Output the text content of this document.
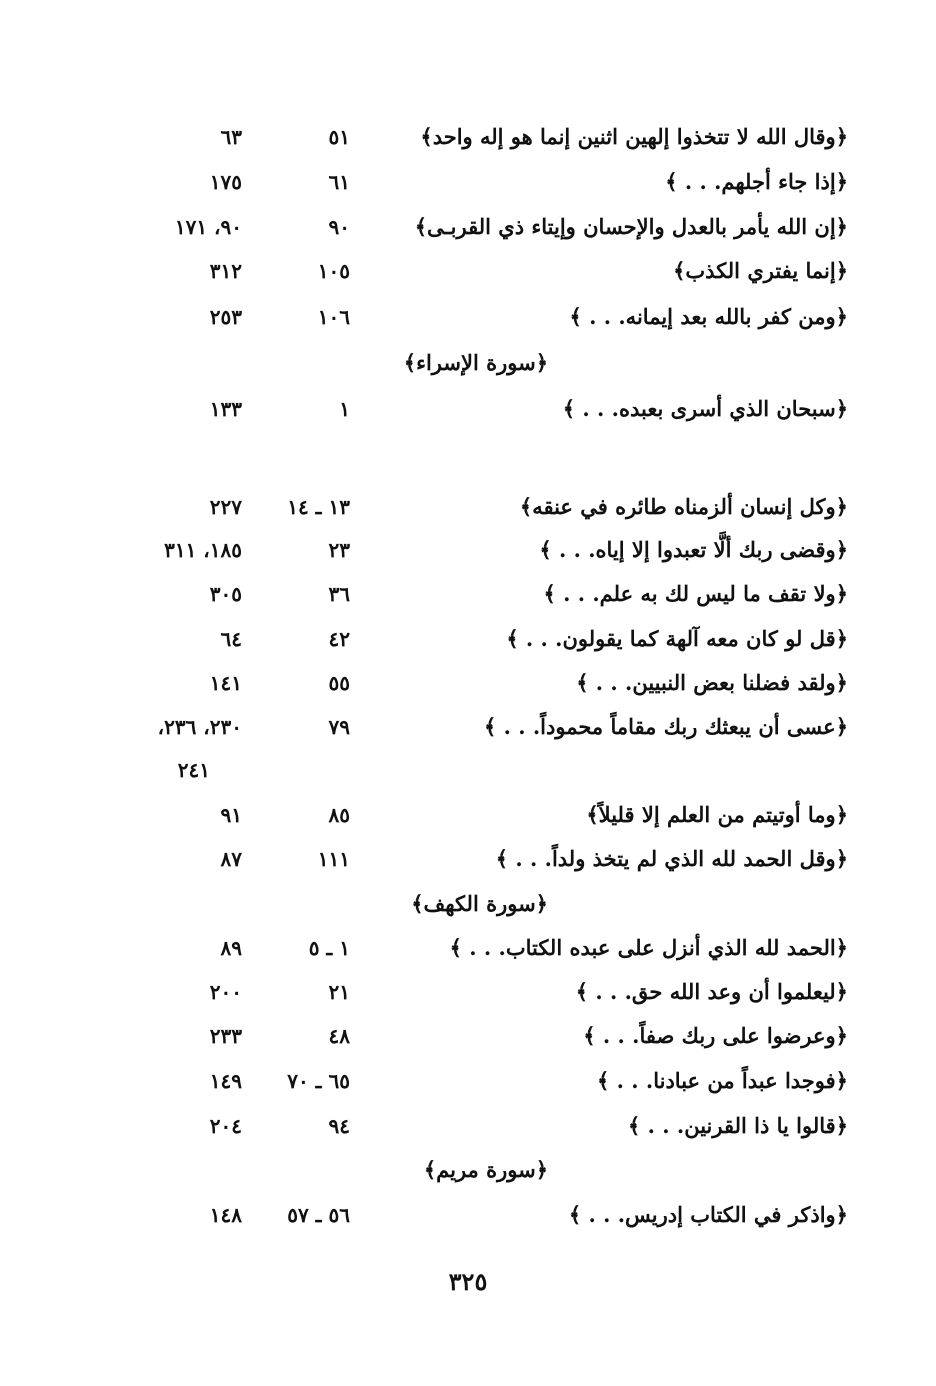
﴿وقال الله لا تتخذوا إلهين اثنين إنما هو إله واحد﴾
٥١
٦٣
﴿إذا جاء أجلهم. . . ﴾
٦١
١٧٥
﴿إن الله يأمر بالعدل والإحسان وإيتاء ذي القربـى﴾
٩٠
٩٠، ١٧١
﴿إنما يفتري الكذب﴾
١٠٥
٣١٢
﴿ومن كفر بالله بعد إيمانه. . . ﴾
١٠٦
٢٥٣
﴿سورة الإسراء﴾
﴿سبحان الذي أسرى بعبده. . . ﴾
١
١٣٣
﴿وكل إنسان ألزمناه طائره في عنقه﴾
١٣ ـ ١٤
٢٢٧
﴿وقضى ربك ألَّا تعبدوا إلا إياه. . . ﴾
٢٣
١٨٥، ٣١١
﴿ولا تقف ما ليس لك به علم. . . ﴾
٣٦
٣٠٥
﴿قل لو كان معه آلهة كما يقولون. . . ﴾
٤٢
٦٤
﴿ولقد فضلنا بعض النبيين. . . ﴾
٥٥
١٤١
﴿عسى أن يبعثك ربك مقاماً محموداً. . . ﴾
٧٩
٢٣٠، ٢٣٦،
٢٤١
﴿وما أوتيتم من العلم إلا قليلاً﴾
٨٥
٩١
﴿وقل الحمد لله الذي لم يتخذ ولداً. . . ﴾
١١١
٨٧
﴿سورة الكهف﴾
﴿الحمد لله الذي أنزل على عبده الكتاب. . . ﴾
١ ـ ٥
٨٩
﴿ليعلموا أن وعد الله حق. . . ﴾
٢١
٢٠٠
﴿وعرضوا على ربك صفاً. . . ﴾
٤٨
٢٣٣
﴿فوجدا عبداً من عبادنا. . . ﴾
٦٥ ـ ٧٠
١٤٩
﴿قالوا يا ذا القرنين. . . ﴾
٩٤
٢٠٤
﴿سورة مريم﴾
﴿واذكر في الكتاب إدريس. . . ﴾
٥٦ ـ ٥٧
١٤٨
٣٢٥
